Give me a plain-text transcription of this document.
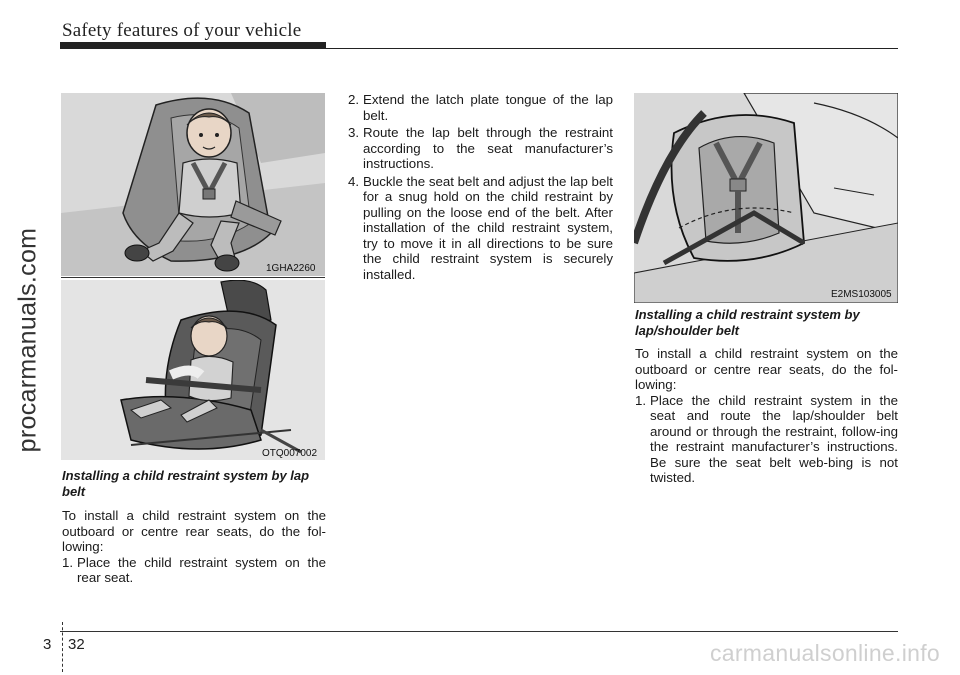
Safety features of your vehicle
procarmanuals.com
carmanualsonline.info
1GHA2260
OTQ007002
Installing a child restraint system by lap belt

To install a child restraint system on the outboard or centre rear seats, do the fol-lowing:

1. Place the child restraint system on the rear seat.
2. Extend the latch plate tongue of the lap belt.
3. Route the lap belt through the restraint according to the seat manufacturer’s instructions.
4. Buckle the seat belt and adjust the lap belt for a snug hold on the child restraint by pulling on the loose end of the belt. After installation of the child restraint system, try to move it in all directions to be sure the child restraint system is securely installed.
E2MS103005
Installing a child restraint system by lap/shoulder belt

To install a child restraint system on the outboard or centre rear seats, do the fol-lowing:

1. Place the child restraint system in the seat and route the lap/shoulder belt around or through the restraint, follow-ing the restraint manufacturer’s instructions. Be sure the seat belt web-bing is not twisted.
3 32
